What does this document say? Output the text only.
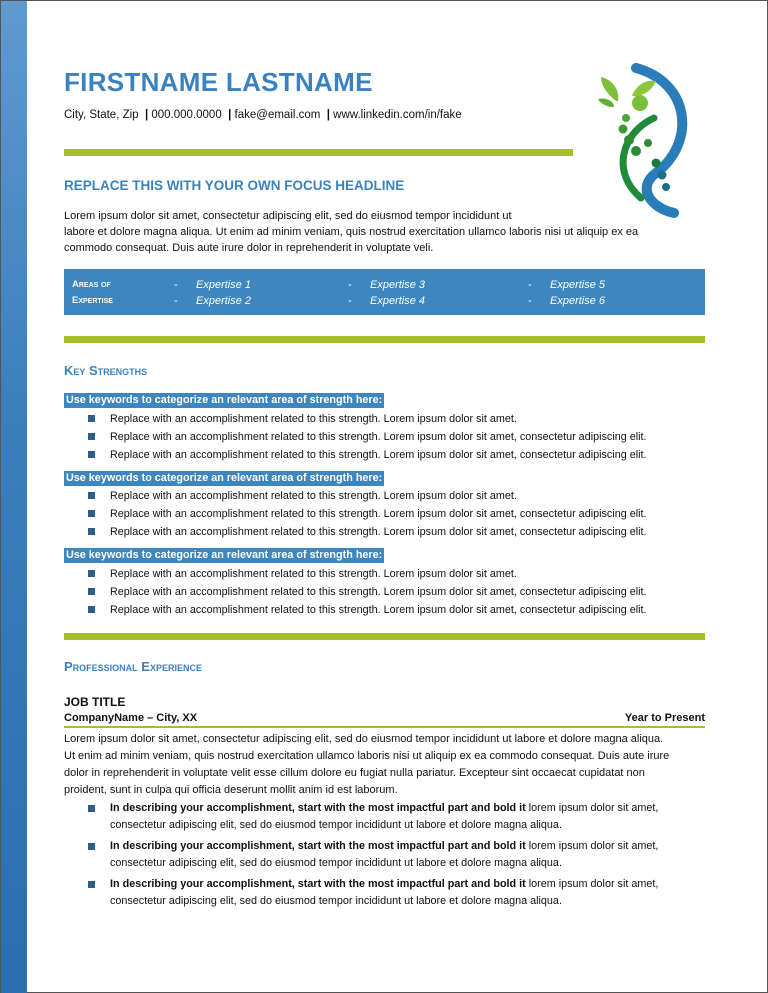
FIRSTNAME LASTNAME
City, State, Zip  | 000.000.0000  | fake@email.com  | www.linkedin.com/in/fake
REPLACE THIS WITH YOUR OWN FOCUS HEADLINE
Lorem ipsum dolor sit amet, consectetur adipiscing elit, sed do eiusmod tempor incididunt ut
labore et dolore magna aliqua. Ut enim ad minim veniam, quis nostrud exercitation ullamco laboris nisi ut aliquip ex ea
commodo consequat. Duis aute irure dolor in reprehenderit in voluptate veli.
Areas of
Expertise
- Expertise 1
- Expertise 2
- Expertise 3
- Expertise 4
- Expertise 5
- Expertise 6
Key Strengths
Use keywords to categorize an relevant area of strength here:
Replace with an accomplishment related to this strength. Lorem ipsum dolor sit amet.
Replace with an accomplishment related to this strength. Lorem ipsum dolor sit amet, consectetur adipiscing elit.
Replace with an accomplishment related to this strength. Lorem ipsum dolor sit amet, consectetur adipiscing elit.
Use keywords to categorize an relevant area of strength here:
Replace with an accomplishment related to this strength. Lorem ipsum dolor sit amet.
Replace with an accomplishment related to this strength. Lorem ipsum dolor sit amet, consectetur adipiscing elit.
Replace with an accomplishment related to this strength. Lorem ipsum dolor sit amet, consectetur adipiscing elit.
Use keywords to categorize an relevant area of strength here:
Replace with an accomplishment related to this strength. Lorem ipsum dolor sit amet.
Replace with an accomplishment related to this strength. Lorem ipsum dolor sit amet, consectetur adipiscing elit.
Replace with an accomplishment related to this strength. Lorem ipsum dolor sit amet, consectetur adipiscing elit.
Professional Experience
JOB TITLE
CompanyName – City, XX	Year to Present
Lorem ipsum dolor sit amet, consectetur adipiscing elit, sed do eiusmod tempor incididunt ut labore et dolore magna aliqua.
Ut enim ad minim veniam, quis nostrud exercitation ullamco laboris nisi ut aliquip ex ea commodo consequat. Duis aute irure
dolor in reprehenderit in voluptate velit esse cillum dolore eu fugiat nulla pariatur. Excepteur sint occaecat cupidatat non
proident, sunt in culpa qui officia deserunt mollit anim id est laborum.
In describing your accomplishment, start with the most impactful part and bold it lorem ipsum dolor sit amet, consectetur adipiscing elit, sed do eiusmod tempor incididunt ut labore et dolore magna aliqua.
In describing your accomplishment, start with the most impactful part and bold it lorem ipsum dolor sit amet, consectetur adipiscing elit, sed do eiusmod tempor incididunt ut labore et dolore magna aliqua.
In describing your accomplishment, start with the most impactful part and bold it lorem ipsum dolor sit amet, consectetur adipiscing elit, sed do eiusmod tempor incididunt ut labore et dolore magna aliqua.
